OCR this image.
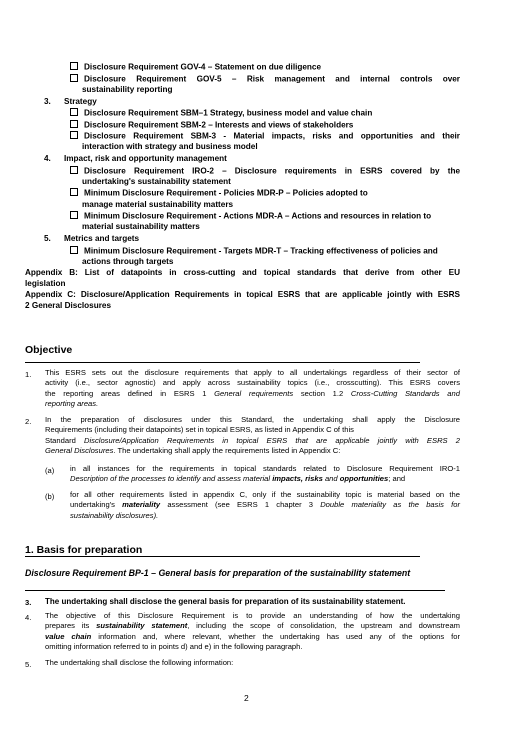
Disclosure Requirement GOV-4 – Statement on due diligence
Disclosure Requirement GOV-5 – Risk management and internal controls over
sustainability reporting
3. Strategy
Disclosure Requirement SBM–1 Strategy, business model and value chain
Disclosure Requirement SBM-2 – Interests and views of stakeholders
Disclosure Requirement SBM-3 - Material impacts, risks and opportunities and their
interaction with strategy and business model
4. Impact, risk and opportunity management
Disclosure Requirement IRO-2 – Disclosure requirements in ESRS covered by the
undertaking's sustainability statement
Minimum Disclosure Requirement - Policies MDR-P – Policies adopted to
manage material sustainability matters
Minimum Disclosure Requirement - Actions MDR-A – Actions and resources in relation to
material sustainability matters
5. Metrics and targets
Minimum Disclosure Requirement - Targets MDR-T – Tracking effectiveness of policies and
actions through targets
Appendix B: List of datapoints in cross-cutting and topical standards that derive from other EU
legislation
Appendix C: Disclosure/Application Requirements in topical ESRS that are applicable jointly with ESRS
2 General Disclosures
Objective
1. This ESRS sets out the disclosure requirements that apply to all undertakings regardless of their sector of
activity (i.e., sector agnostic) and apply across sustainability topics (i.e., crosscutting). This ESRS covers
the reporting areas defined in ESRS 1 General requirements section 1.2 Cross-Cutting Standards and
reporting areas.
2. In the preparation of disclosures under this Standard, the undertaking shall apply the Disclosure
Requirements (including their datapoints) set in topical ESRS, as listed in Appendix C of this
Standard Disclosure/Application Requirements in topical ESRS that are applicable jointly with ESRS 2
General Disclosures. The undertaking shall apply the requirements listed in Appendix C:
(a) in all instances for the requirements in topical standards related to Disclosure Requirement IRO-1
Description of the processes to identify and assess material impacts, risks and opportunities; and
(b) for all other requirements listed in appendix C, only if the sustainability topic is material based on the
undertaking's materiality assessment (see ESRS 1 chapter 3 Double materiality as the basis for
sustainability disclosures).
1. Basis for preparation
Disclosure Requirement BP-1 – General basis for preparation of the sustainability statement
3. The undertaking shall disclose the general basis for preparation of its sustainability statement.
4. The objective of this Disclosure Requirement is to provide an understanding of how the undertaking
prepares its sustainability statement, including the scope of consolidation, the upstream and downstream
value chain information and, where relevant, whether the undertaking has used any of the options for
omitting information referred to in points d) and e) in the following paragraph.
5. The undertaking shall disclose the following information:
2
